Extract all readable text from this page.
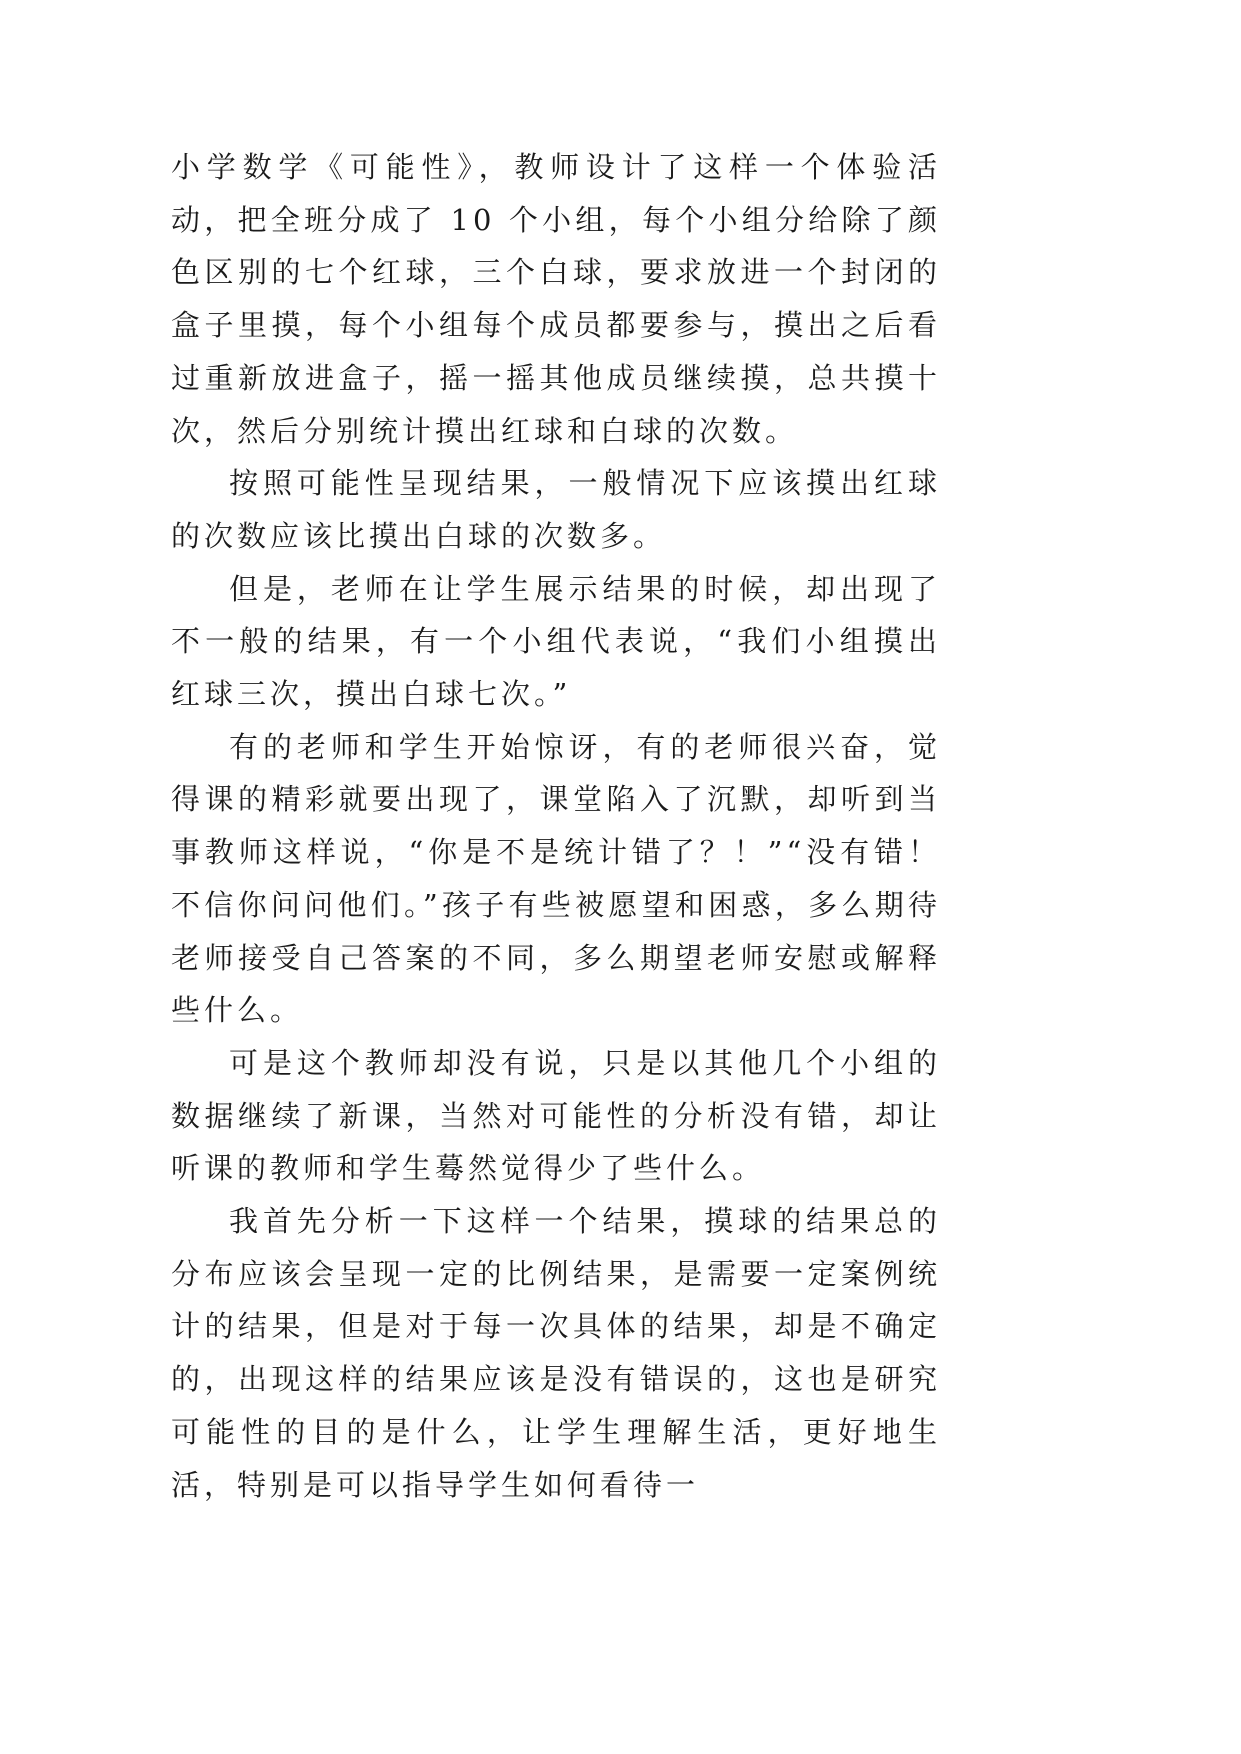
小学数学《可能性》，教师设计了这样一个体验活动，把全班分成了 10 个小组，每个小组分给除了颜色区别的七个红球，三个白球，要求放进一个封闭的盒子里摸，每个小组每个成员都要参与，摸出之后看过重新放进盒子，摇一摇其他成员继续摸，总共摸十次，然后分别统计摸出红球和白球的次数。

按照可能性呈现结果，一般情况下应该摸出红球的次数应该比摸出白球的次数多。

但是，老师在让学生展示结果的时候，却出现了不一般的结果，有一个小组代表说，“我们小组摸出红球三次，摸出白球七次。”

有的老师和学生开始惊讶，有的老师很兴奋，觉得课的精彩就要出现了，课堂陷入了沉默，却听到当事教师这样说，“你是不是统计错了？！”“没有错！不信你问问他们。”孩子有些被愿望和困惑，多么期待老师接受自己答案的不同，多么期望老师安慰或解释些什么。

可是这个教师却没有说，只是以其他几个小组的数据继续了新课，当然对可能性的分析没有错，却让听课的教师和学生蓦然觉得少了些什么。

我首先分析一下这样一个结果，摸球的结果总的分布应该会呈现一定的比例结果，是需要一定案例统计的结果，但是对于每一次具体的结果，却是不确定的，出现这样的结果应该是没有错误的，这也是研究可能性的目的是什么，让学生理解生活，更好地生活，特别是可以指导学生如何看待一
